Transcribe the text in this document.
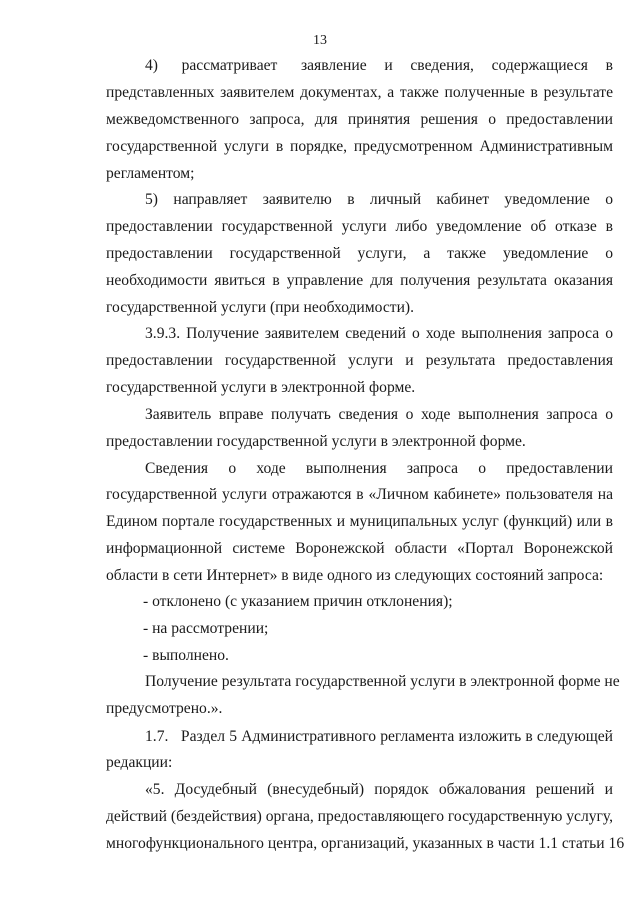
13
4)    рассматривает    заявление   и   сведения,   содержащиеся   в
представленных заявителем документах, а также полученные в результате
межведомственного запроса, для принятия решения о предоставлении
государственной услуги в порядке, предусмотренном Административным
регламентом;
5)   направляет   заявителю   в   личный   кабинет   уведомление   о
предоставлении государственной услуги либо уведомление об отказе в
предоставлении   государственной   услуги,   а   также   уведомление   о
необходимости явиться в управление для получения результата оказания
государственной услуги (при необходимости).
3.9.3. Получение заявителем сведений о ходе выполнения запроса о
предоставлении государственной услуги и результата предоставления
государственной услуги в электронной форме.
Заявитель вправе получать сведения о ходе выполнения запроса о
предоставлении государственной услуги в электронной форме.
Сведения   о   ходе   выполнения   запроса   о   предоставлении
государственной услуги отражаются в «Личном кабинете» пользователя на
Едином портале государственных и муниципальных услуг (функций) или в
информационной системе Воронежской области «Портал Воронежской
области в сети Интернет» в виде одного из следующих состояний запроса:
- отклонено (с указанием причин отклонения);
- на рассмотрении;
- выполнено.
Получение результата государственной услуги в электронной форме не
предусмотрено.».
1.7.   Раздел 5 Административного регламента изложить в следующей
редакции:
«5. Досудебный (внесудебный) порядок обжалования решений и
действий (бездействия) органа, предоставляющего государственную услугу,
многофункционального центра, организаций, указанных в части 1.1 статьи 16
